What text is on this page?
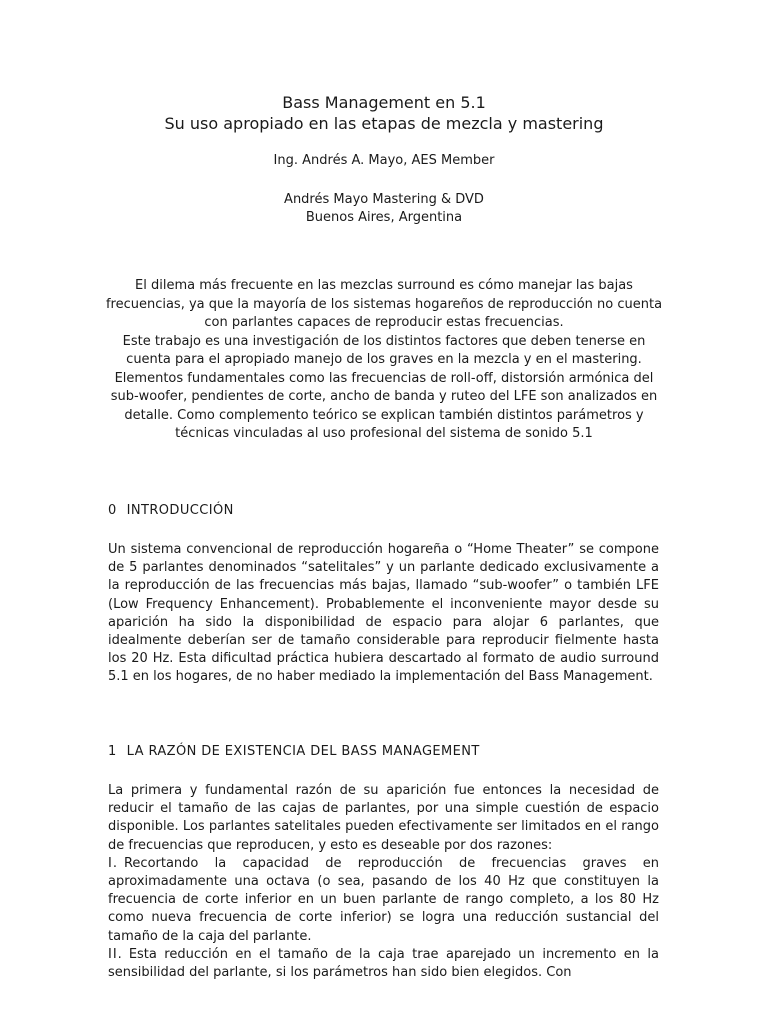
Bass Management en 5.1
Su uso apropiado en las etapas de mezcla y mastering
Ing. Andrés A. Mayo, AES Member
Andrés Mayo Mastering & DVD
Buenos Aires, Argentina

El dilema más frecuente en las mezclas surround es cómo manejar las bajas frecuencias, ya que la mayoría de los sistemas hogareños de reproducción no cuenta con parlantes capaces de reproducir estas frecuencias.

Este trabajo es una investigación de los distintos factores que deben tenerse en cuenta para el apropiado manejo de los graves en la mezcla y en el mastering. Elementos fundamentales como las frecuencias de roll-off, distorsión armónica del sub-woofer, pendientes de corte, ancho de banda y ruteo del LFE son analizados en detalle. Como complemento teórico se explican también distintos parámetros y técnicas vinculadas al uso profesional del sistema de sonido 5.1

0 INTRODUCCIÓN

Un sistema convencional de reproducción hogareña o “Home Theater” se compone de 5 parlantes denominados “satelitales” y un parlante dedicado exclusivamente a la reproducción de las frecuencias más bajas, llamado “sub-woofer” o también LFE (Low Frequency Enhancement). Probablemente el inconveniente mayor desde su aparición ha sido la disponibilidad de espacio para alojar 6 parlantes, que idealmente deberían ser de tamaño considerable para reproducir fielmente hasta los 20 Hz. Esta dificultad práctica hubiera descartado al formato de audio surround 5.1 en los hogares, de no haber mediado la implementación del Bass Management.

1 LA RAZÓN DE EXISTENCIA DEL BASS MANAGEMENT

La primera y fundamental razón de su aparición fue entonces la necesidad de reducir el tamaño de las cajas de parlantes, por una simple cuestión de espacio disponible. Los parlantes satelitales pueden efectivamente ser limitados en el rango de frecuencias que reproducen, y esto es deseable por dos razones:

I. Recortando la capacidad de reproducción de frecuencias graves en aproximadamente una octava (o sea, pasando de los 40 Hz que constituyen la frecuencia de corte inferior en un buen parlante de rango completo, a los 80 Hz como nueva frecuencia de corte inferior) se logra una reducción sustancial del tamaño de la caja del parlante.

II. Esta reducción en el tamaño de la caja trae aparejado un incremento en la sensibilidad del parlante, si los parámetros han sido bien elegidos. Con
